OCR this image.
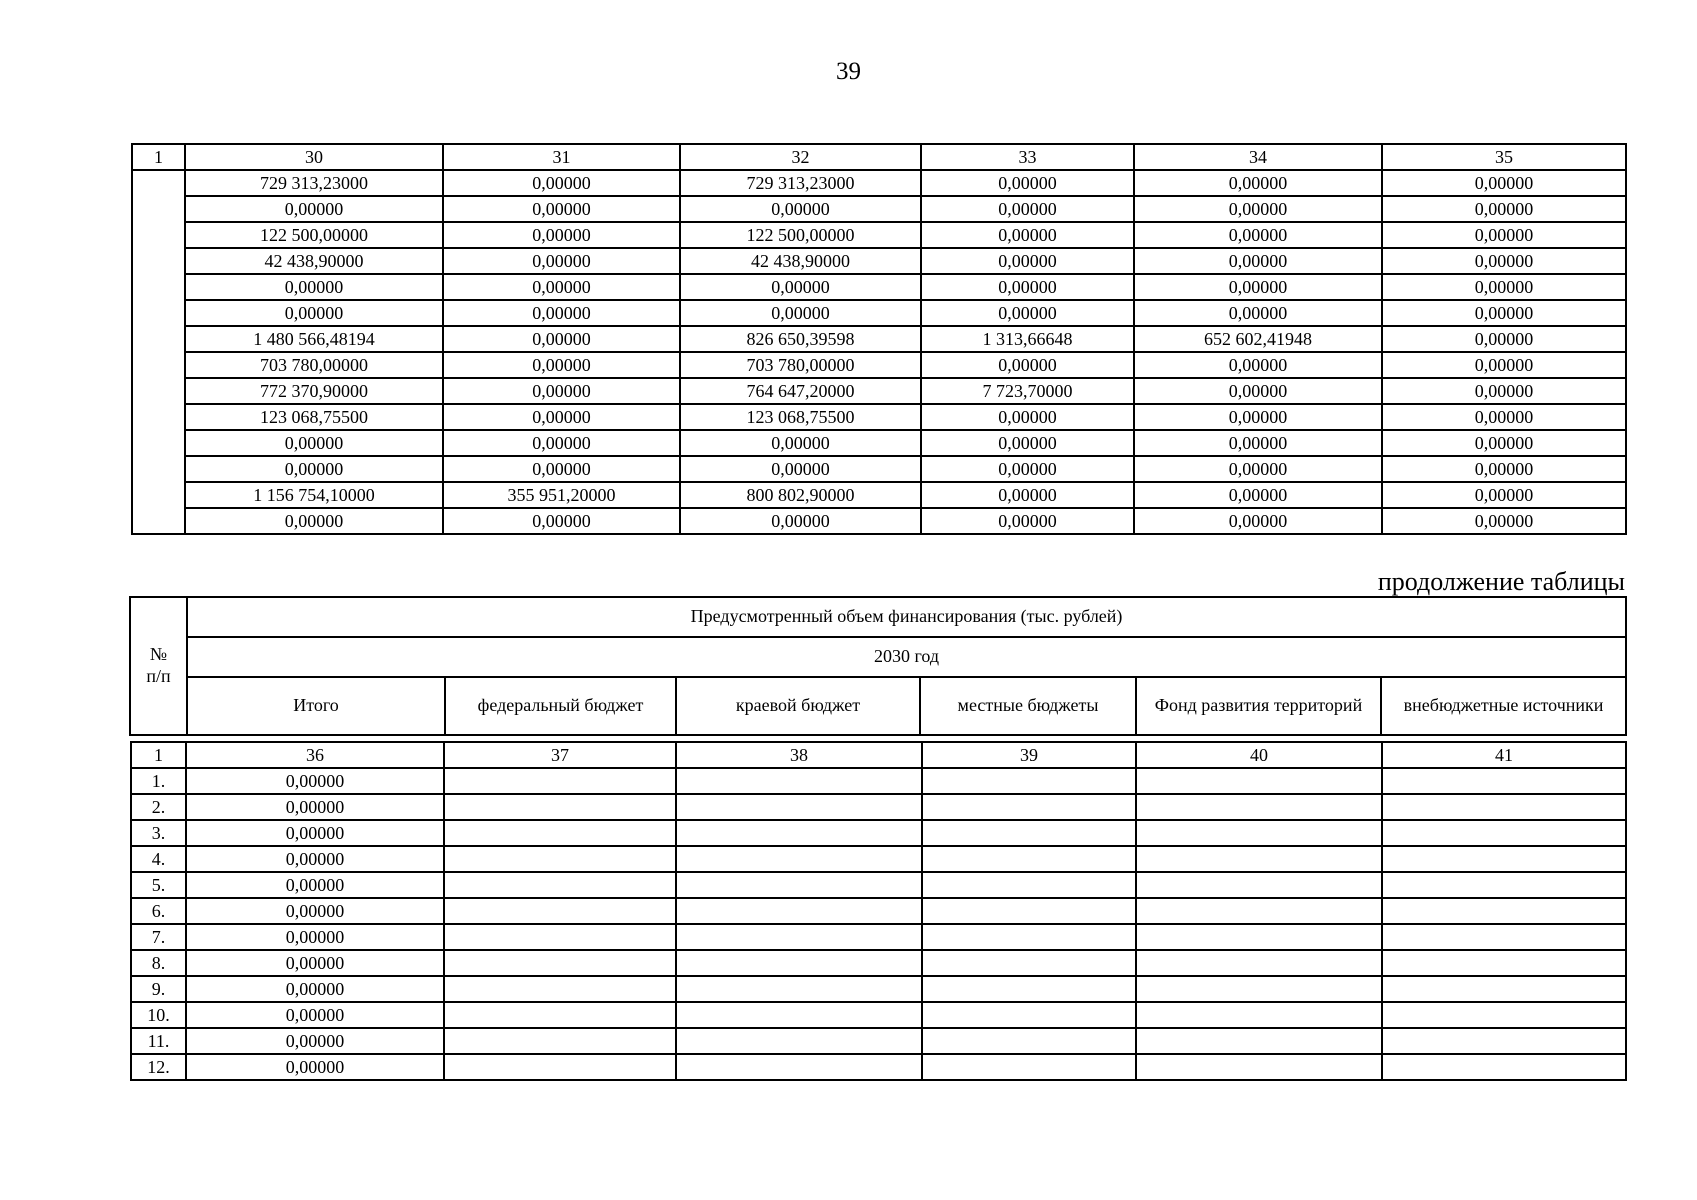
39
1	30	31	32	33	34	35
	729 313,23000	0,00000	729 313,23000	0,00000	0,00000	0,00000
	0,00000	0,00000	0,00000	0,00000	0,00000	0,00000
	122 500,00000	0,00000	122 500,00000	0,00000	0,00000	0,00000
	42 438,90000	0,00000	42 438,90000	0,00000	0,00000	0,00000
	0,00000	0,00000	0,00000	0,00000	0,00000	0,00000
	0,00000	0,00000	0,00000	0,00000	0,00000	0,00000
	1 480 566,48194	0,00000	826 650,39598	1 313,66648	652 602,41948	0,00000
	703 780,00000	0,00000	703 780,00000	0,00000	0,00000	0,00000
	772 370,90000	0,00000	764 647,20000	7 723,70000	0,00000	0,00000
	123 068,75500	0,00000	123 068,75500	0,00000	0,00000	0,00000
	0,00000	0,00000	0,00000	0,00000	0,00000	0,00000
	0,00000	0,00000	0,00000	0,00000	0,00000	0,00000
	1 156 754,10000	355 951,20000	800 802,90000	0,00000	0,00000	0,00000
	0,00000	0,00000	0,00000	0,00000	0,00000	0,00000
продолжение таблицы
№
п/п	Предусмотренный объем финансирования (тыс. рублей)					
	2030 год					
	Итого	федеральный бюджет	краевой бюджет	местные бюджеты	Фонд развития территорий	внебюджетные источники
1	36	37	38	39	40	41
1.	0,00000					
2.	0,00000					
3.	0,00000					
4.	0,00000					
5.	0,00000					
6.	0,00000					
7.	0,00000					
8.	0,00000					
9.	0,00000					
10.	0,00000					
11.	0,00000					
12.	0,00000					
